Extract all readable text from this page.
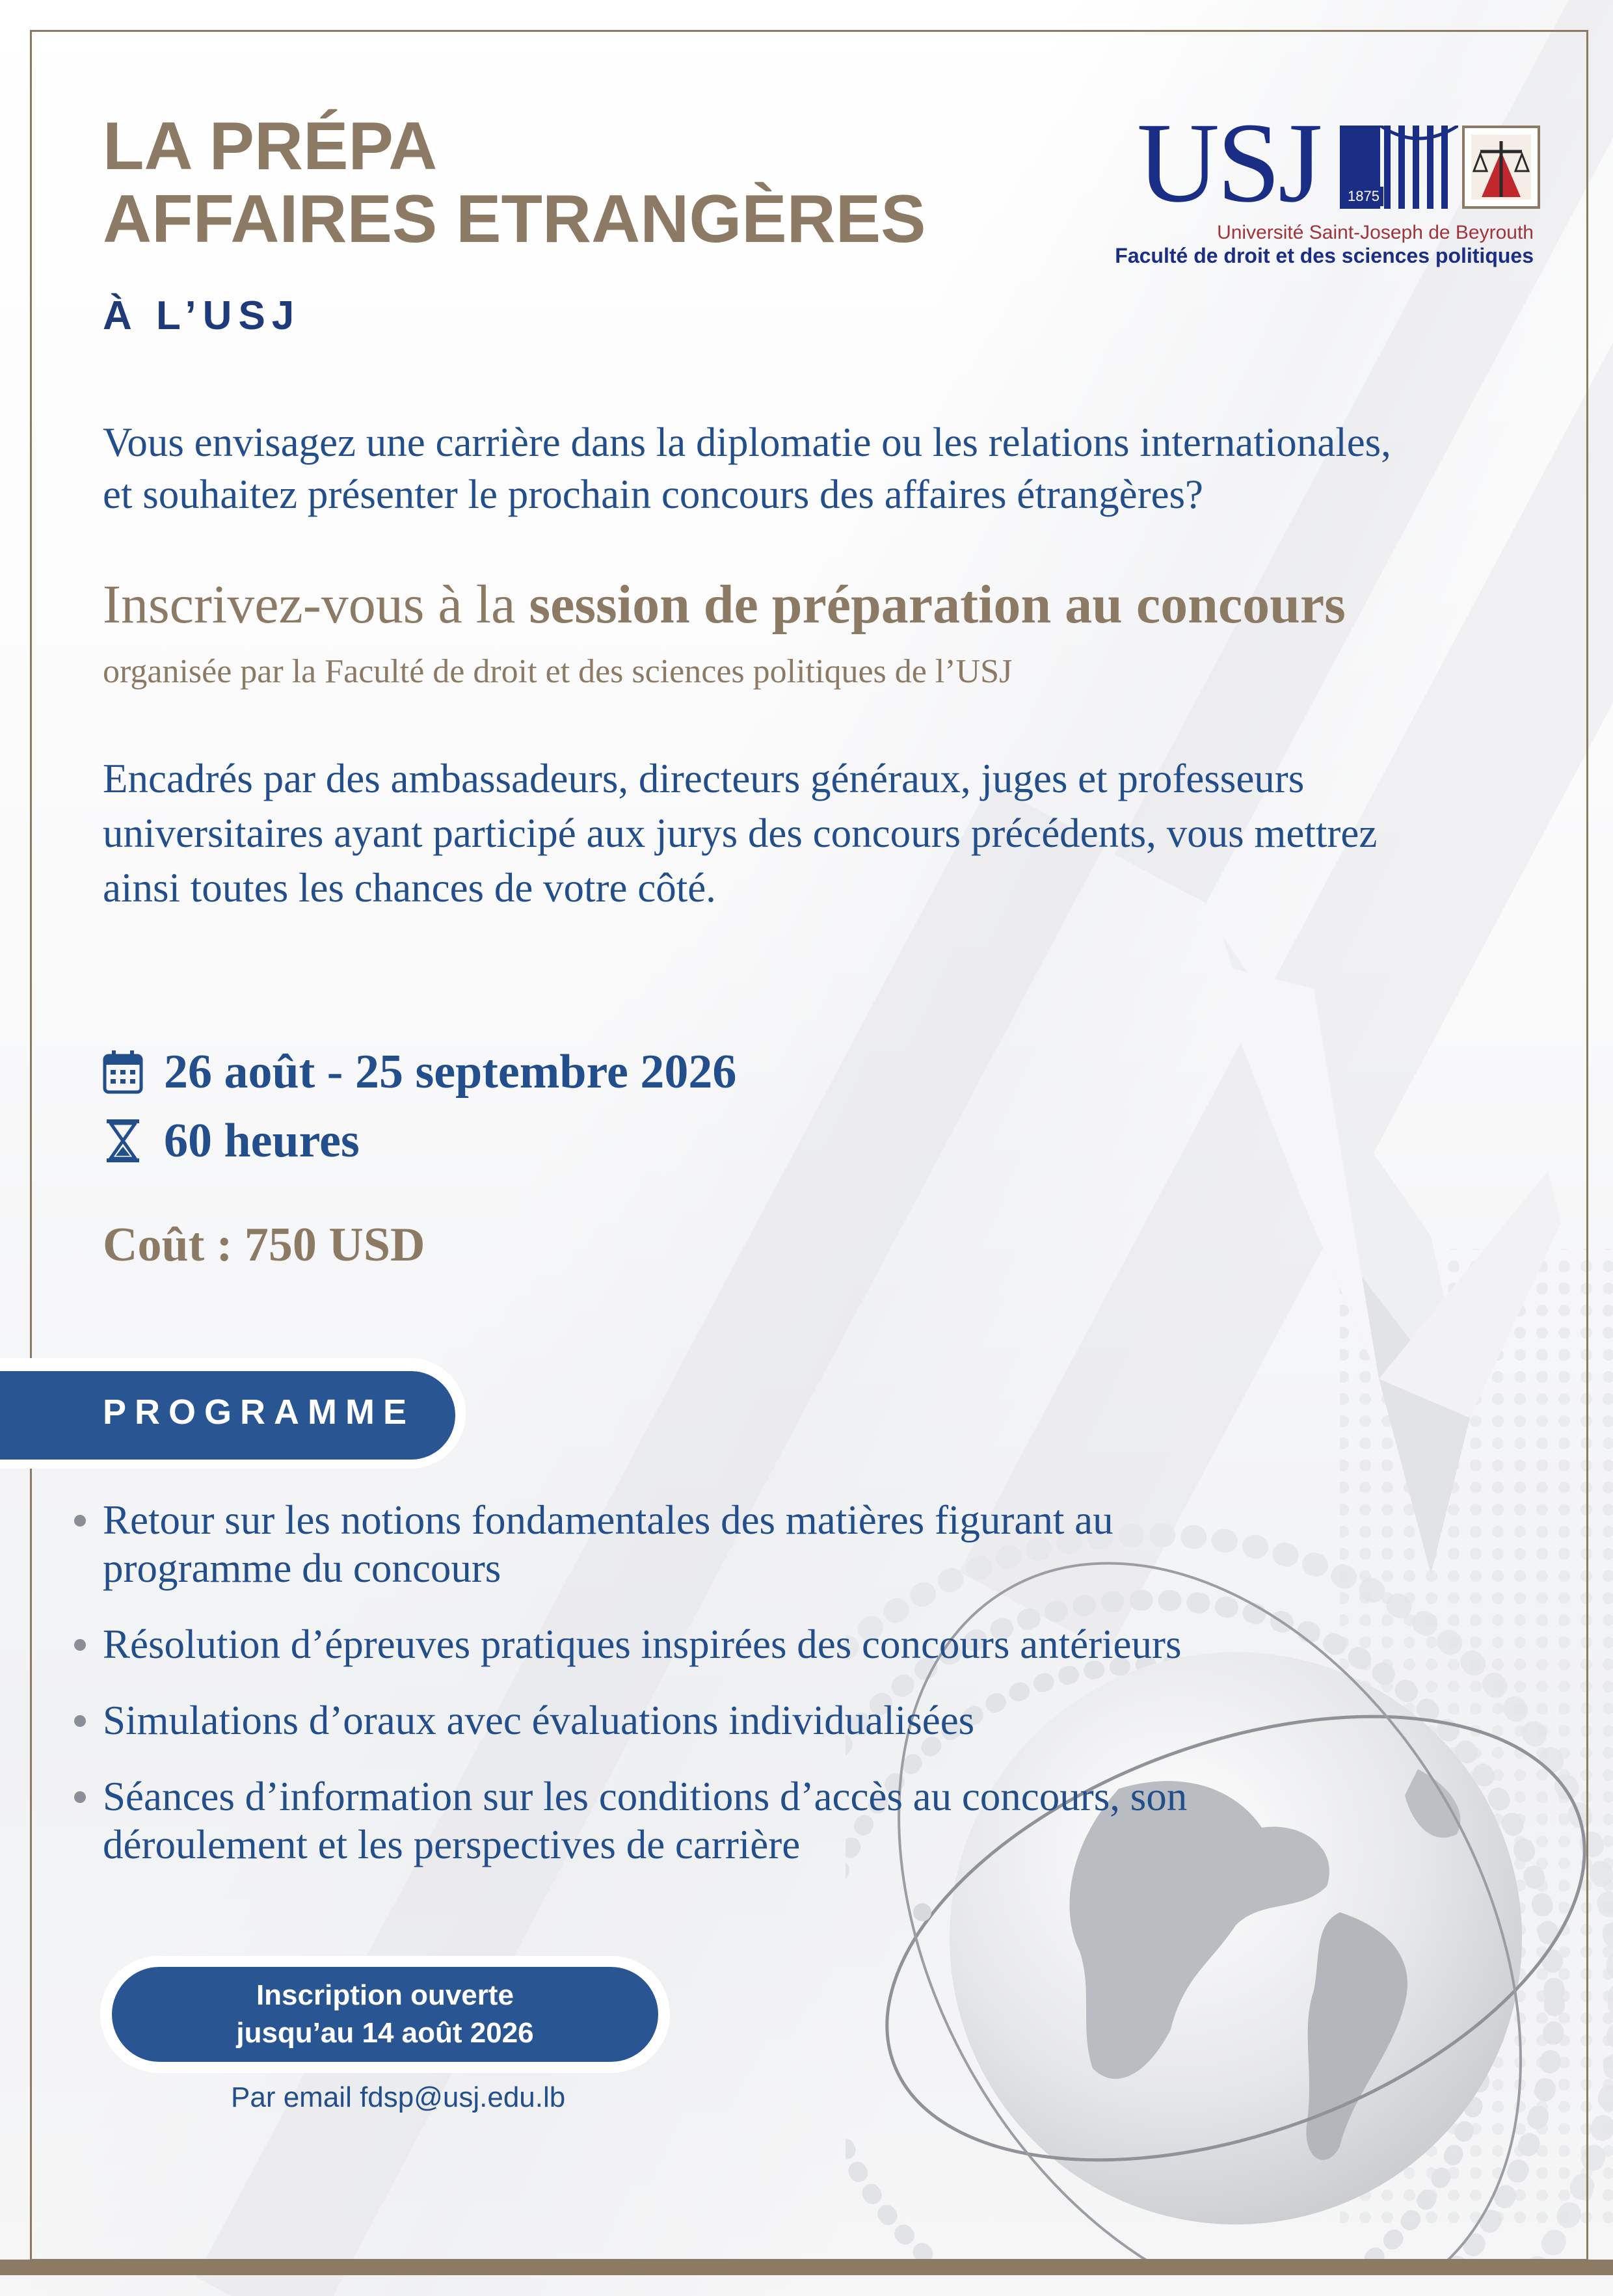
LA PRÉPA
AFFAIRES ETRANGÈRES
À L’USJ
USJ 1875
Université Saint-Joseph de Beyrouth
Faculté de droit et des sciences politiques
Vous envisagez une carrière dans la diplomatie ou les relations internationales,
et souhaitez présenter le prochain concours des affaires étrangères?
Inscrivez-vous à la session de préparation au concours
organisée par la Faculté de droit et des sciences politiques de l’USJ
Encadrés par des ambassadeurs, directeurs généraux, juges et professeurs
universitaires ayant participé aux jurys des concours précédents, vous mettrez
ainsi toutes les chances de votre côté.
26 août - 25 septembre 2026
60 heures
Coût : 750 USD
PROGRAMME
Retour sur les notions fondamentales des matières figurant au
programme du concours
Résolution d’épreuves pratiques inspirées des concours antérieurs
Simulations d’oraux avec évaluations individualisées
Séances d’information sur les conditions d’accès au concours, son
déroulement et les perspectives de carrière
Inscription ouverte
jusqu’au 14 août 2026
Par email fdsp@usj.edu.lb
